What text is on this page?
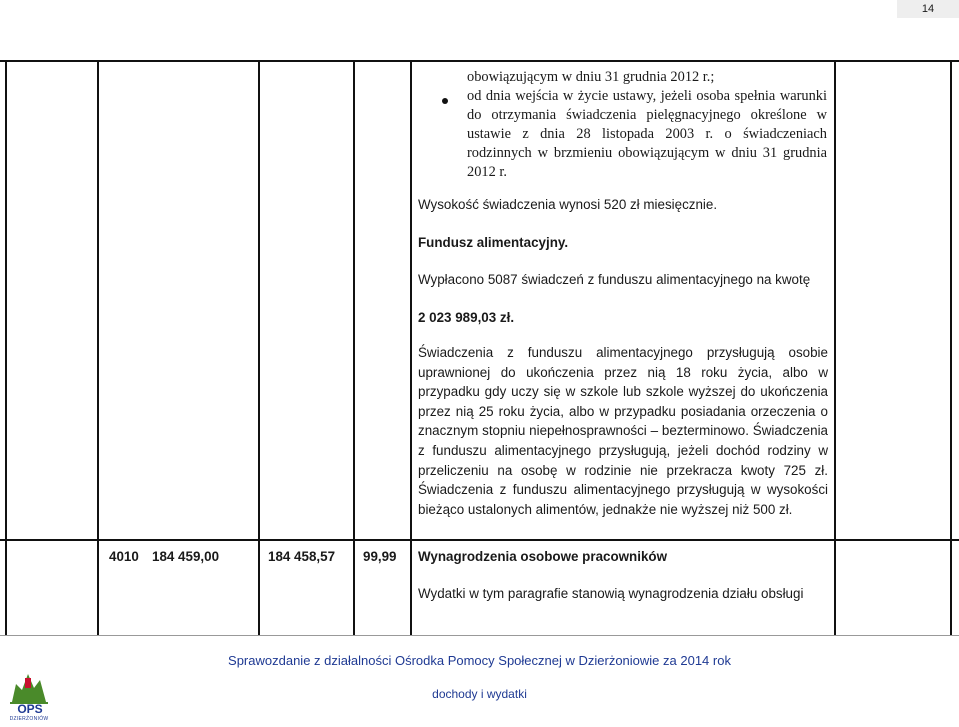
14
obowiązującym w dniu 31 grudnia 2012 r.;
od dnia wejścia w życie ustawy, jeżeli osoba spełnia warunki do otrzymania świadczenia pielęgnacyjnego określone w ustawie z dnia 28 listopada 2003 r. o świadczeniach rodzinnych w brzmieniu obowiązującym w dniu 31 grudnia 2012 r.
Wysokość świadczenia wynosi 520 zł miesięcznie.
Fundusz alimentacyjny.
Wypłacono 5087 świadczeń z funduszu alimentacyjnego na kwotę
2 023 989,03 zł.
Świadczenia z funduszu alimentacyjnego przysługują osobie uprawnionej do ukończenia przez nią 18 roku życia, albo w przypadku gdy uczy się w szkole lub szkole wyższej do ukończenia przez nią 25 roku życia, albo w przypadku posiadania orzeczenia o znacznym stopniu niepełnosprawności – bezterminowo. Świadczenia z funduszu alimentacyjnego przysługują, jeżeli dochód rodziny w przeliczeniu na osobę w rodzinie nie przekracza kwoty 725 zł. Świadczenia z funduszu alimentacyjnego przysługują w wysokości bieżąco ustalonych alimentów, jednakże nie wyższej niż 500 zł.
4010 184 459,00	184 458,57 99,99 Wynagrodzenia osobowe pracowników
Wydatki w tym paragrafie stanowią wynagrodzenia działu obsługi
Sprawozdanie z działalności Ośrodka Pomocy Społecznej w Dzierżoniowie za 2014 rok
dochody i wydatki
OPS
DZIERŻONIÓW
